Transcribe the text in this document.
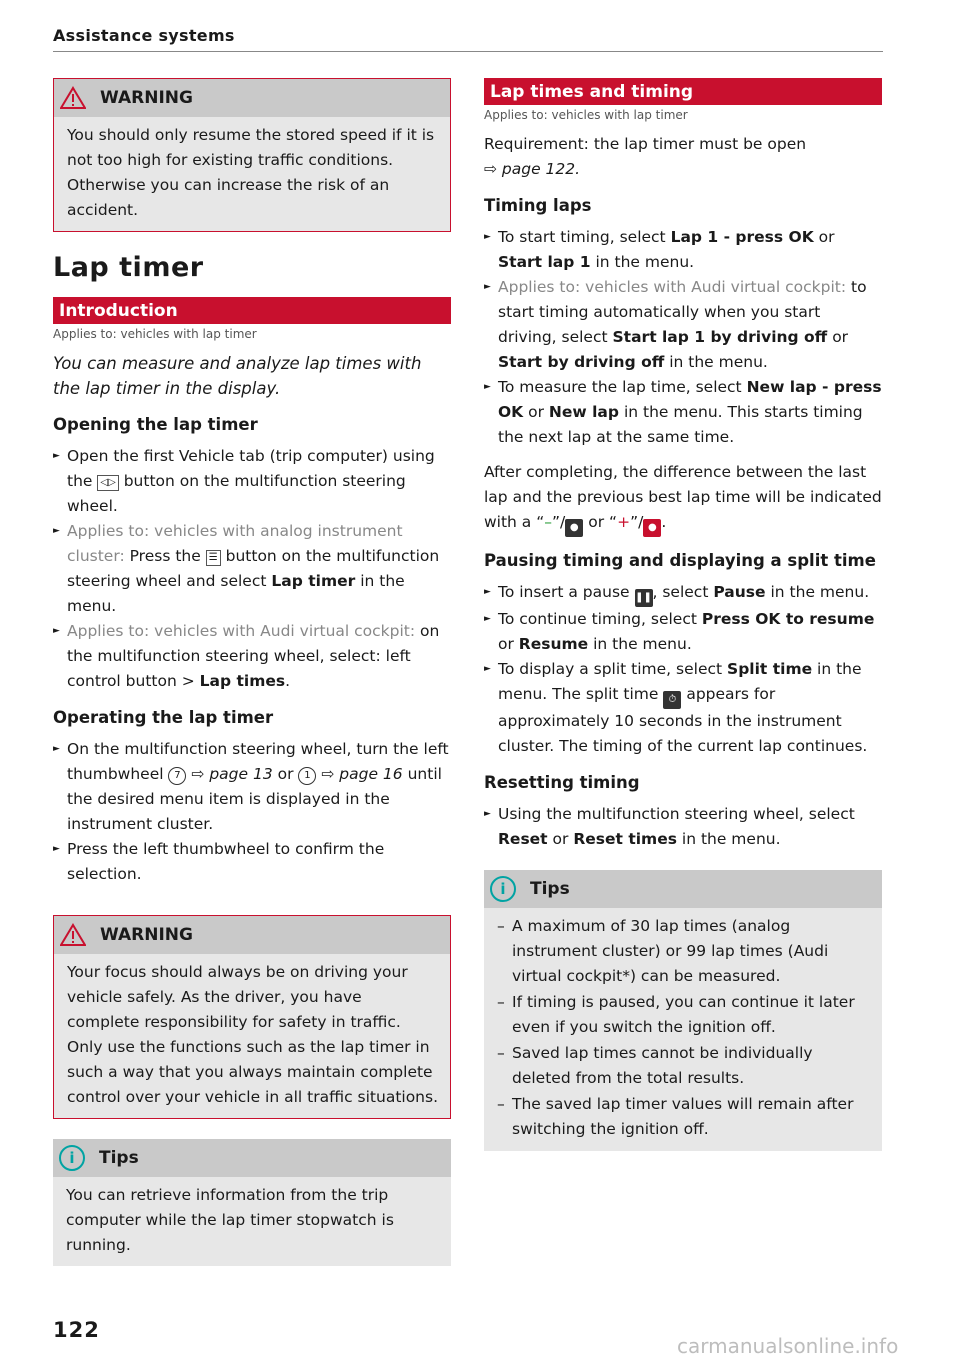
Assistance systems
WARNING
You should only resume the stored speed if it is not too high for existing traffic conditions. Otherwise you can increase the risk of an accident.
Lap timer
Introduction
Applies to: vehicles with lap timer
You can measure and analyze lap times with the lap timer in the display.
Opening the lap timer
► Open the first Vehicle tab (trip computer) using the ◁▷ button on the multifunction steering wheel.
► Applies to: vehicles with analog instrument cluster: Press the ☰ button on the multifunction steering wheel and select Lap timer in the menu.
► Applies to: vehicles with Audi virtual cockpit: on the multifunction steering wheel, select: left control button > Lap times.
Operating the lap timer
► On the multifunction steering wheel, turn the left thumbwheel 7 ⇨ page 13 or 1 ⇨ page 16 until the desired menu item is displayed in the instrument cluster.
► Press the left thumbwheel to confirm the selection.
WARNING
Your focus should always be on driving your vehicle safely. As the driver, you have complete responsibility for safety in traffic. Only use the functions such as the lap timer in such a way that you always maintain complete control over your vehicle in all traffic situations.
i	Tips
You can retrieve information from the trip computer while the lap timer stopwatch is running.
Lap times and timing
Applies to: vehicles with lap timer

Requirement: the lap timer must be open
⇨ page 122.

Timing laps
► To start timing, select Lap 1 - press OK or Start lap 1 in the menu.
► Applies to: vehicles with Audi virtual cockpit: to start timing automatically when you start driving, select Start lap 1 by driving off or Start by driving off in the menu.
► To measure the lap time, select New lap - press OK or New lap in the menu. This starts timing the next lap at the same time.

After completing, the difference between the last lap and the previous best lap time will be indicated with a “–”/ ● or “+”/ ● .

Pausing timing and displaying a split time
► To insert a pause ❚❚, select Pause in the menu.
► To continue timing, select Press OK to resume or Resume in the menu.
► To display a split time, select Split time in the menu. The split time ⏱ appears for approximately 10 seconds in the instrument cluster. The timing of the current lap continues.
Resetting timing
► Using the multifunction steering wheel, select Reset or Reset times in the menu.
i	Tips
– A maximum of 30 lap times (analog instrument cluster) or 99 lap times (Audi virtual cockpit*) can be measured.
– If timing is paused, you can continue it later even if you switch the ignition off.
– Saved lap times cannot be individually deleted from the total results.
– The saved lap timer values will remain after switching the ignition off.
122
carmanualsonline.info
